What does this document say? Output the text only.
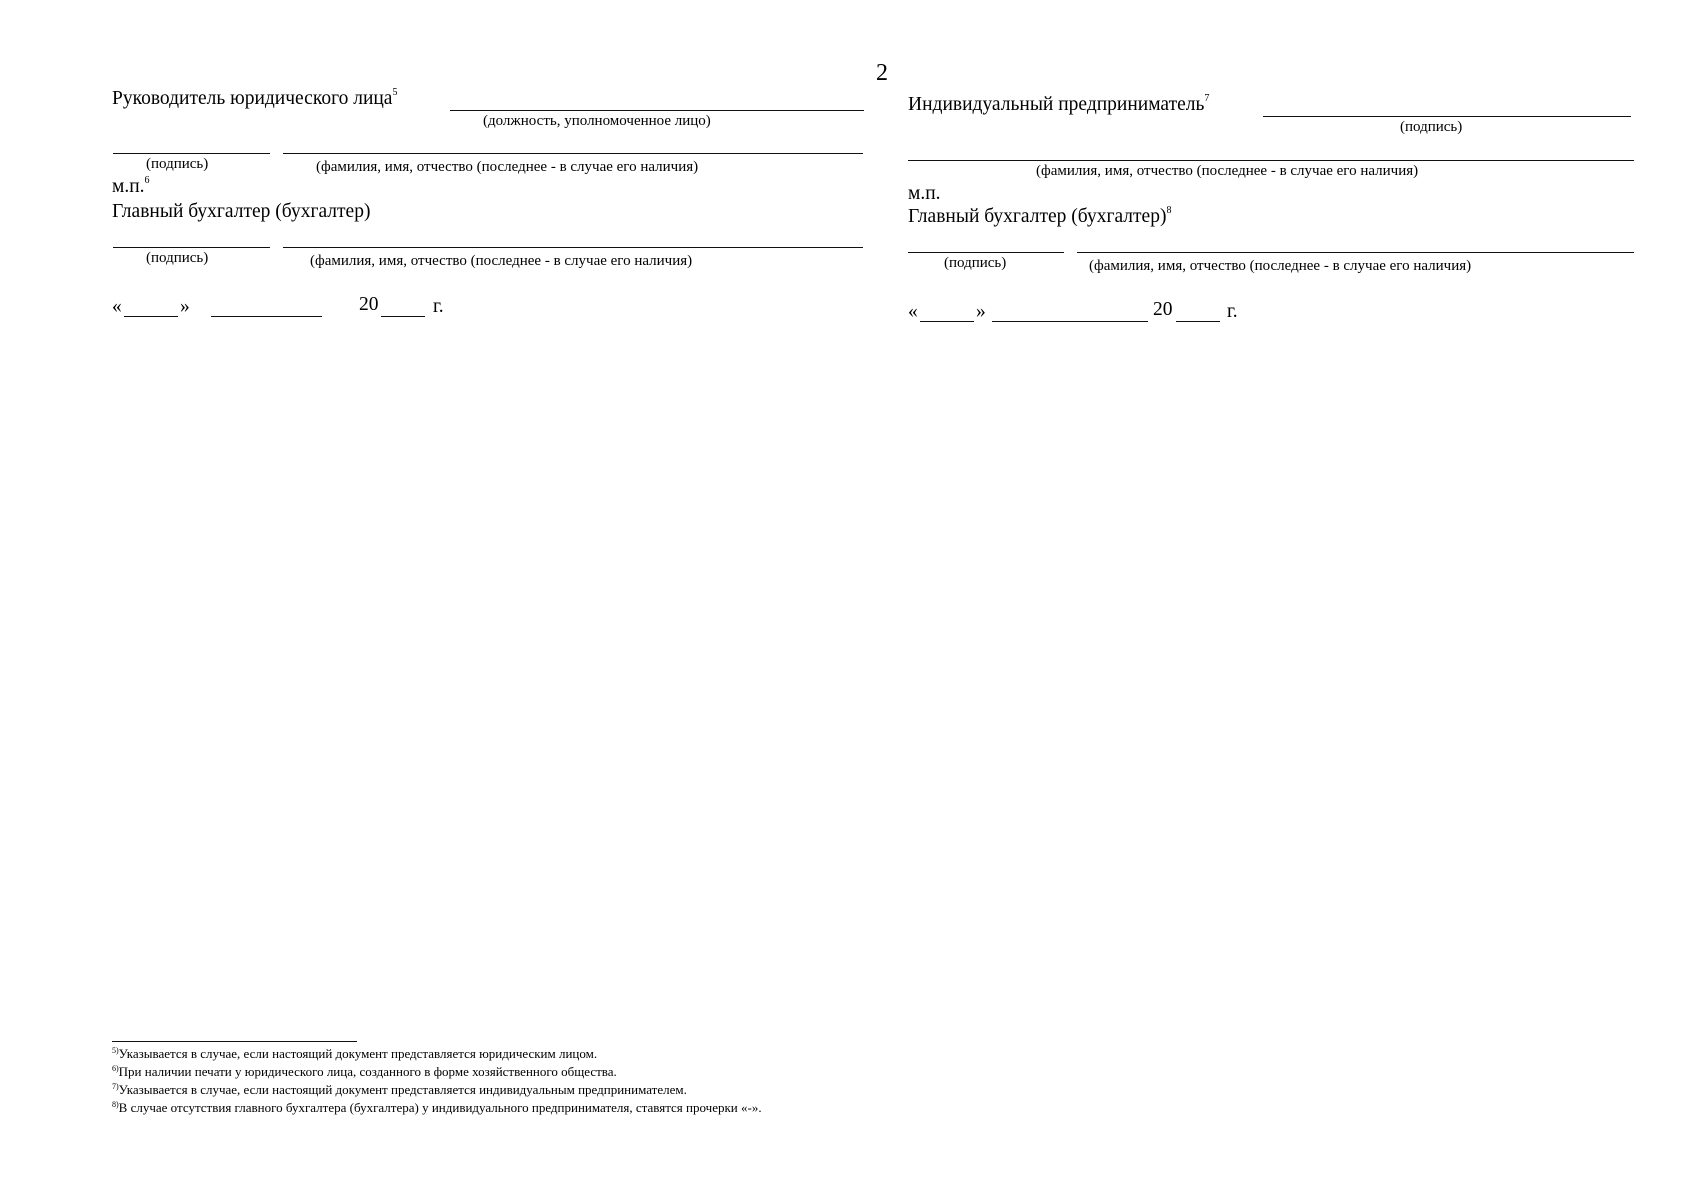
2
Руководитель юридического лица$^5$
(должность, уполномоченное лицо)
(подпись)	(фамилия, имя, отчество (последнее - в случае его наличия)
м.п.$^6$
Главный бухгалтер (бухгалтер)
(подпись)	(фамилия, имя, отчество (последнее - в случае его наличия)
«	»	20	г.
Индивидуальный предприниматель$^7$
(подпись)
(фамилия, имя, отчество (последнее - в случае его наличия)
м.п.
Главный бухгалтер (бухгалтер)$^8$
(подпись)	(фамилия, имя, отчество (последнее - в случае его наличия)
«	»	20	г.
$^{5)}$Указывается в случае, если настоящий документ представляется юридическим лицом.
$^{6)}$При наличии печати у юридического лица, созданного в форме хозяйственного общества.
$^{7)}$Указывается в случае, если настоящий документ представляется индивидуальным предпринимателем.
$^{8)}$В случае отсутствия главного бухгалтера (бухгалтера) у индивидуального предпринимателя, ставятся прочерки «-».
